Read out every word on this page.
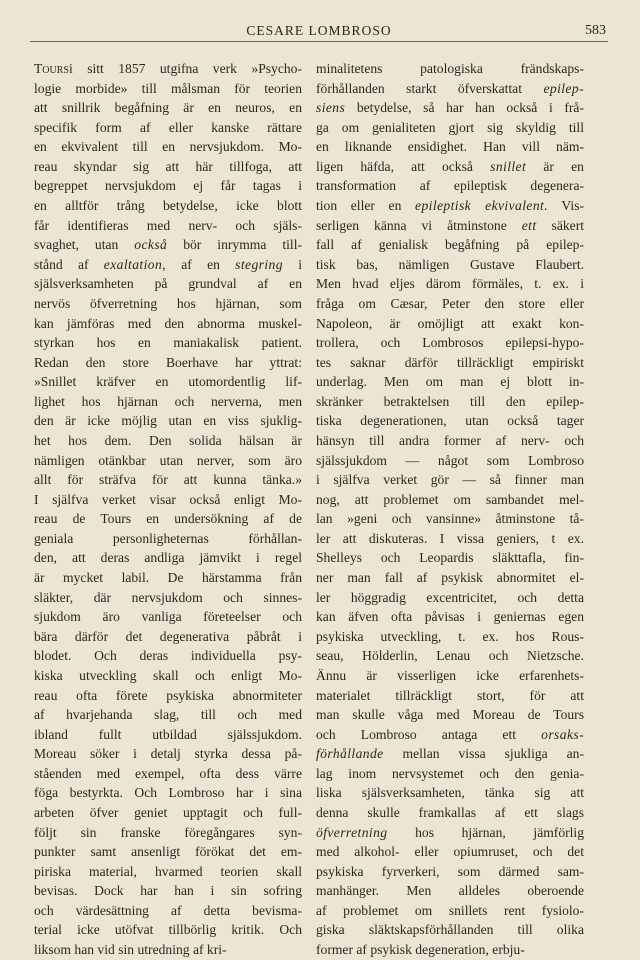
CESARE LOMBROSO	583
Toursi sitt 1857 utgifna verk »Psycho-
logie morbide» till målsman för teorien
att snillrik begåfning är en neuros, en
specifik form af eller kanske rättare
en ekvivalent till en nervsjukdom. Mo-
reau skyndar sig att här tillfoga, att
begreppet nervsjukdom ej får tagas i
en alltför trång betydelse, icke blott
får identifieras med nerv- och själs-
svaghet, utan också bör inrymma till-
stånd af exaltation, af en stegring i
själsverksamheten på grundval af en
nervös öfverretning hos hjärnan, som
kan jämföras med den abnorma muskel-
styrkan hos en maniakalisk patient.
Redan den store Boerhave har yttrat:
»Snillet kräfver en utomordentlig lif-
lighet hos hjärnan och nerverna, men
den är icke möjlig utan en viss sjuklig-
het hos dem. Den solida hälsan är
nämligen otänkbar utan nerver, som äro
allt för sträfva för att kunna tänka.»
I själfva verket visar också enligt Mo-
reau de Tours en undersökning af de
geniala personligheternas förhållan-
den, att deras andliga jämvikt i regel
är mycket labil. De härstamma från
släkter, där nervsjukdom och sinnes-
sjukdom äro vanliga företeelser och
bära därför det degenerativa påbråt i
blodet. Och deras individuella psy-
kiska utveckling skall och enligt Mo-
reau ofta förete psykiska abnormiteter
af hvarjehanda slag, till och med
ibland fullt utbildad själssjukdom.
Moreau söker i detalj styrka dessa på-
ståenden med exempel, ofta dess värre
föga bestyrkta. Och Lombroso har i sina
arbeten öfver geniet upptagit och full-
följt sin franske föregångares syn-
punkter samt ansenligt förökat det em-
piriska material, hvarmed teorien skall
bevisas. Dock har han i sin sofring
och värdesättning af detta bevisma-
terial icke utöfvat tillbörlig kritik. Och
liksom han vid sin utredning af kri-
minalitetens patologiska frändskaps-
förhållanden starkt öfverskattat epilep-
siens betydelse, så har han också i frå-
ga om genialiteten gjort sig skyldig till
en liknande ensidighet. Han vill näm-
ligen häfda, att också snillet är en
transformation af epileptisk degenera-
tion eller en epileptisk ekvivalent. Vis-
serligen känna vi åtminstone ett säkert
fall af genialisk begåfning på epilep-
tisk bas, nämligen Gustave Flaubert.
Men hvad eljes därom förmäles, t. ex. i
fråga om Cæsar, Peter den store eller
Napoleon, är omöjligt att exakt kon-
trollera, och Lombrosos epilepsi-hypo-
tes saknar därför tillräckligt empiriskt
underlag. Men om man ej blott in-
skränker betraktelsen till den epilep-
tiska degenerationen, utan också tager
hänsyn till andra former af nerv- och
själssjukdom — något som Lombroso
i själfva verket gör — så finner man
nog, att problemet om sambandet mel-
lan »geni och vansinne» åtminstone tå-
ler att diskuteras. I vissa geniers, t ex.
Shelleys och Leopardis släkttafla, fin-
ner man fall af psykisk abnormitet el-
ler höggradig excentricitet, och detta
kan äfven ofta påvisas i geniernas egen
psykiska utveckling, t. ex. hos Rous-
seau, Hölderlin, Lenau och Nietzsche.
Ännu är visserligen icke erfarenhets-
materialet tillräckligt stort, för att
man skulle våga med Moreau de Tours
och Lombroso antaga ett orsaks-
förhållande mellan vissa sjukliga an-
lag inom nervsystemet och den genia-
liska själsverksamheten, tänka sig att
denna skulle framkallas af ett slags
öfverretning hos hjärnan, jämförlig
med alkohol- eller opiumruset, och det
psykiska fyrverkeri, som därmed sam-
manhänger. Men alldeles oberoende
af problemet om snillets rent fysiolo-
giska släktskapsförhållanden till olika
former af psykisk degeneration, erbju-
